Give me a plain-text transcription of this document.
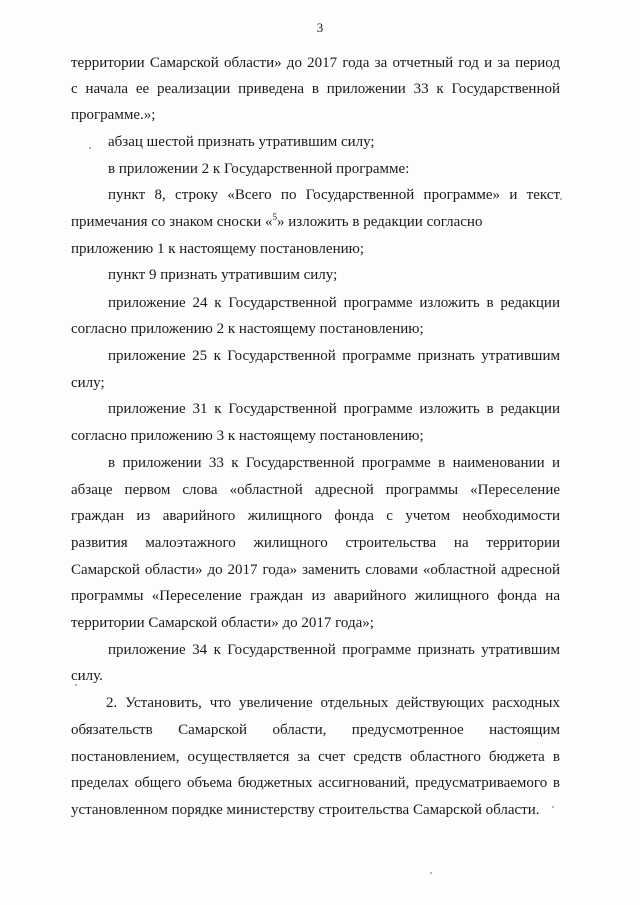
3
территории Самарской области» до 2017 года за отчетный год и за период
с начала ее реализации приведена в приложении 33 к Государственной
программе.»;
абзац шестой признать утратившим силу;
в приложении 2 к Государственной программе:
пункт 8, строку «Всего по Государственной программе» и текст
примечания со знаком сноски «$^5$» изложить в редакции согласно
приложению 1 к настоящему постановлению;
пункт 9 признать утратившим силу;
приложение 24 к Государственной программе изложить в редакции
согласно приложению 2 к настоящему постановлению;
приложение 25 к Государственной программе признать утратившим
силу;
приложение 31 к Государственной программе изложить в редакции
согласно приложению 3 к настоящему постановлению;
в приложении 33 к Государственной программе в наименовании и
абзаце первом слова «областной адресной программы «Переселение
граждан из аварийного жилищного фонда с учетом необходимости
развития малоэтажного жилищного строительства на территории
Самарской области» до 2017 года» заменить словами «областной адресной
программы «Переселение граждан из аварийного жилищного фонда на
территории Самарской области» до 2017 года»;
приложение 34 к Государственной программе признать утратившим
силу.
2. Установить, что увеличение отдельных действующих расходных
обязательств Самарской области, предусмотренное настоящим
постановлением, осуществляется за счет средств областного бюджета в
пределах общего объема бюджетных ассигнований, предусматриваемого в
установленном порядке министерству строительства Самарской области.
